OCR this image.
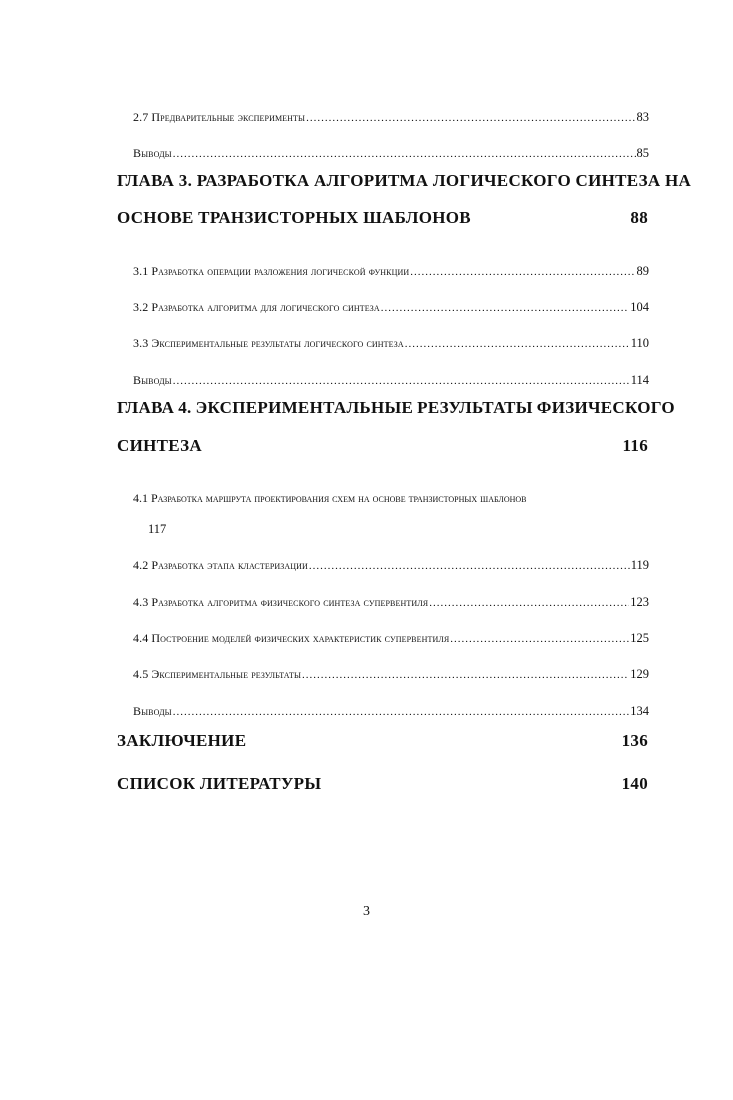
2.7 Предварительные эксперименты .....	83
Выводы .....	85
ГЛАВА 3. РАЗРАБОТКА АЛГОРИТМА ЛОГИЧЕСКОГО СИНТЕЗА НА
ОСНОВЕ ТРАНЗИСТОРНЫХ ШАБЛОНОВ	88
3.1 Разработка операции разложения логической функции .....	89
3.2 Разработка алгоритма для логического синтеза .....	104
3.3 Экспериментальные результаты логического синтеза .....	110
Выводы .....	114
ГЛАВА 4. ЭКСПЕРИМЕНТАЛЬНЫЕ РЕЗУЛЬТАТЫ ФИЗИЧЕСКОГО
СИНТЕЗА	116
4.1 Разработка маршрута проектирования схем на основе транзисторных шаблонов
117
4.2 Разработка этапа кластеризации .....	119
4.3 Разработка алгоритма физического синтеза супервентиля .....	123
4.4 Построение моделей физических характеристик супервентиля .....	125
4.5 Экспериментальные результаты .....	129
Выводы .....	134
ЗАКЛЮЧЕНИЕ	136
СПИСОК ЛИТЕРАТУРЫ	140
3
